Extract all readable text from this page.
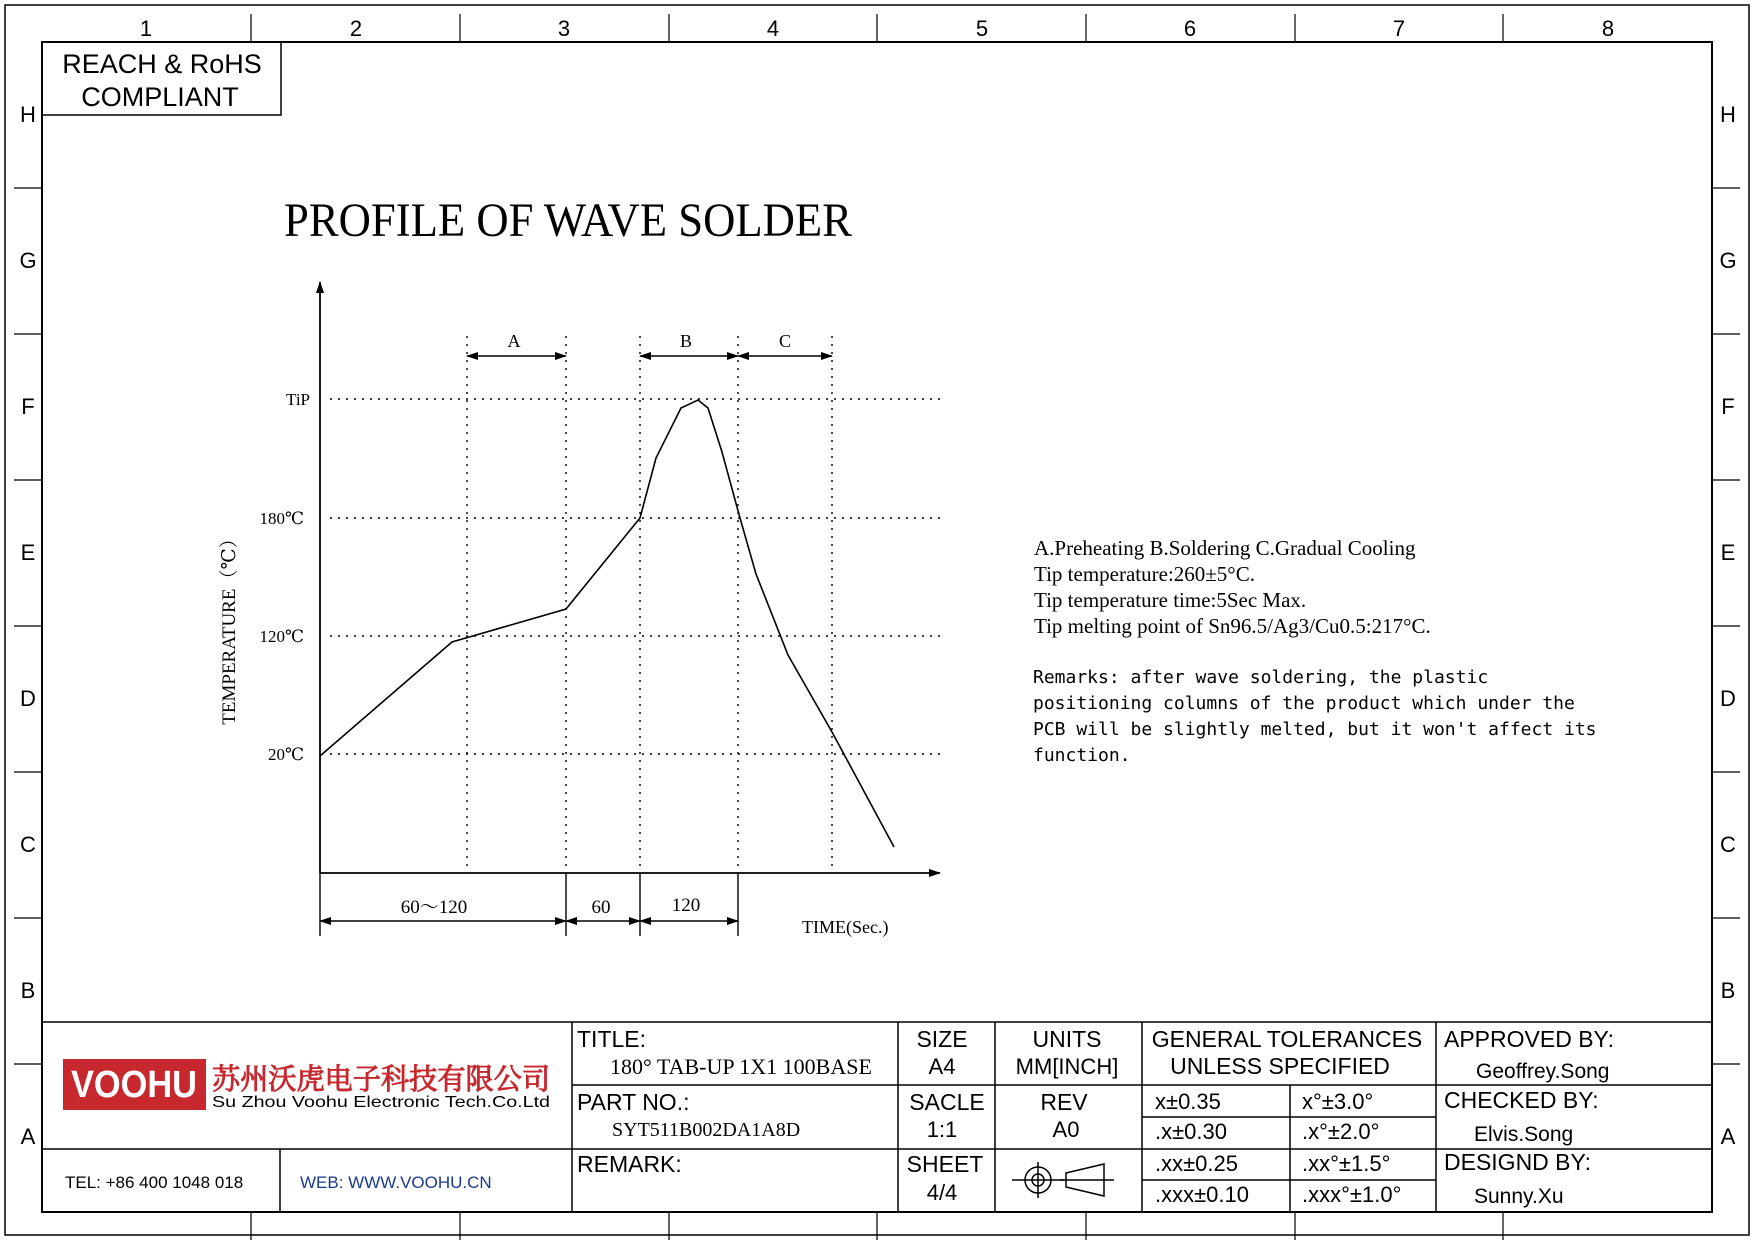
1	2	3	4	5	6	7	8
H
G
F
E
D
C
B
A
H
G
F
E
D
C
B
A
REACH & RoHS
COMPLIANT
PROFILE OF WAVE SOLDER
TiP
180℃
120℃
20℃
TEMPERATURE（℃）
A	B	C
60～120	60	120
TIME(Sec.)
A.Preheating B.Soldering C.Gradual Cooling
Tip temperature:260±5°C.
Tip temperature time:5Sec Max.
Tip melting point of Sn96.5/Ag3/Cu0.5:217°C.
Remarks: after wave soldering, the plastic
positioning columns of the product which under the
PCB will be slightly melted, but it won't affect its
function.
VOOHU 苏州沃虎电子科技有限公司
Su Zhou Voohu Electronic Tech.Co.Ltd
TEL: +86 400 1048 018	WEB: WWW.VOOHU.CN
TITLE:
180° TAB-UP 1X1 100BASE
PART NO.:
SYT511B002DA1A8D
REMARK:
SIZE
A4
SACLE
1:1
SHEET
4/4
UNITS
MM[INCH]
REV
A0
GENERAL TOLERANCES
UNLESS SPECIFIED
x±0.35	x°±3.0°
.x±0.30	.x°±2.0°
.xx±0.25	.xx°±1.5°
.xxx±0.10 .xxx°±1.0°
APPROVED BY:
Geoffrey.Song
CHECKED BY:
Elvis.Song
DESIGND BY:
Sunny.Xu
